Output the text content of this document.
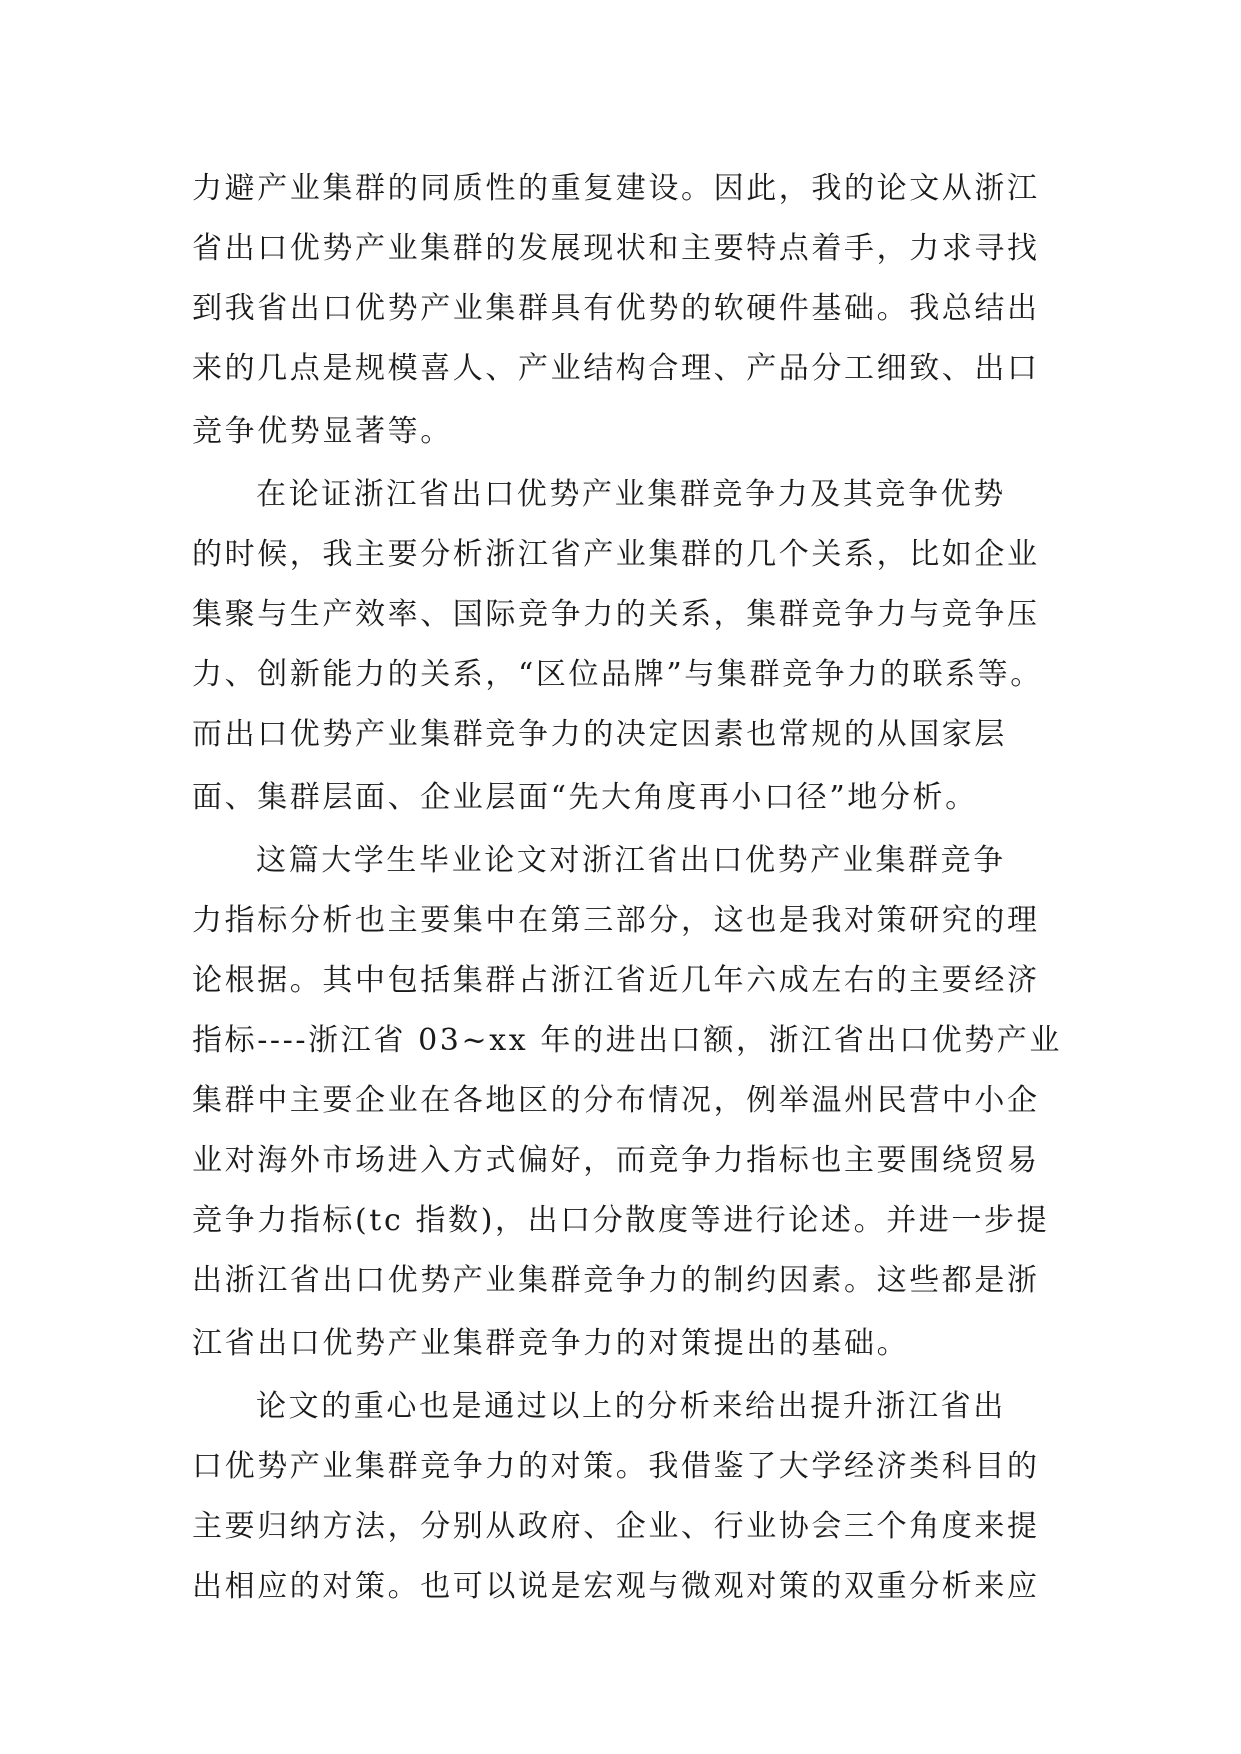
力避产业集群的同质性的重复建设。因此，我的论文从浙江
省出口优势产业集群的发展现状和主要特点着手，力求寻找
到我省出口优势产业集群具有优势的软硬件基础。我总结出
来的几点是规模喜人、产业结构合理、产品分工细致、出口
竞争优势显著等。
在论证浙江省出口优势产业集群竞争力及其竞争优势
的时候，我主要分析浙江省产业集群的几个关系，比如企业
集聚与生产效率、国际竞争力的关系，集群竞争力与竞争压
力、创新能力的关系，“区位品牌”与集群竞争力的联系等。
而出口优势产业集群竞争力的决定因素也常规的从国家层
面、集群层面、企业层面“先大角度再小口径”地分析。
这篇大学生毕业论文对浙江省出口优势产业集群竞争
力指标分析也主要集中在第三部分，这也是我对策研究的理
论根据。其中包括集群占浙江省近几年六成左右的主要经济
指标----浙江省 03~xx 年的进出口额，浙江省出口优势产业
集群中主要企业在各地区的分布情况，例举温州民营中小企
业对海外市场进入方式偏好，而竞争力指标也主要围绕贸易
竞争力指标(tc 指数)，出口分散度等进行论述。并进一步提
出浙江省出口优势产业集群竞争力的制约因素。这些都是浙
江省出口优势产业集群竞争力的对策提出的基础。
论文的重心也是通过以上的分析来给出提升浙江省出
口优势产业集群竞争力的对策。我借鉴了大学经济类科目的
主要归纳方法，分别从政府、企业、行业协会三个角度来提
出相应的对策。也可以说是宏观与微观对策的双重分析来应
